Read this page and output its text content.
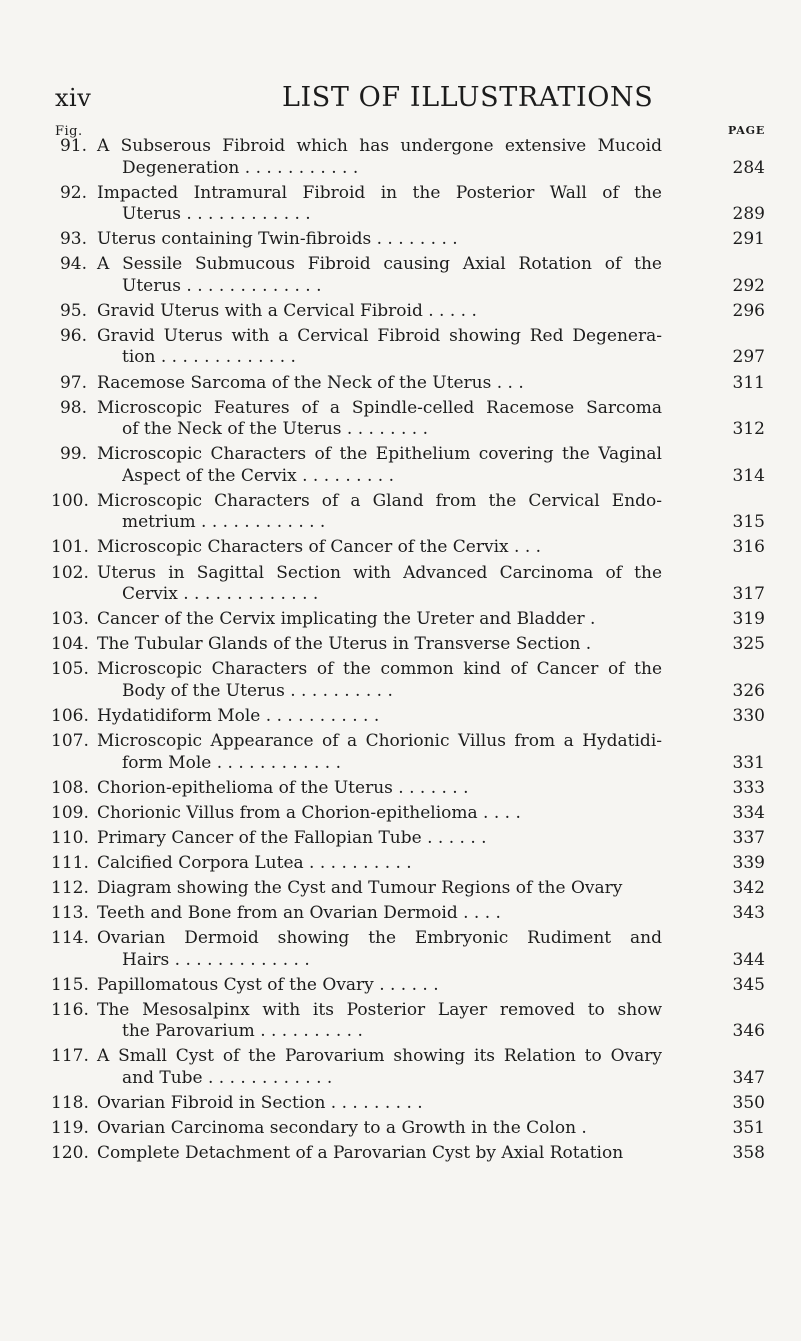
xiv	LIST OF ILLUSTRATIONS
Fig.	PAGE
91. A Subserous Fibroid which has undergone extensive Mucoid
Degeneration . . . . . . . . . . .	284
92. Impacted Intramural Fibroid in the Posterior Wall of the
Uterus . . . . . . . . . . . .	289
93. Uterus containing Twin-fibroids . . . . . . . .	291
94. A Sessile Submucous Fibroid causing Axial Rotation of the
Uterus . . . . . . . . . . . . .	292
95. Gravid Uterus with a Cervical Fibroid . . . . .	296
96. Gravid Uterus with a Cervical Fibroid showing Red Degenera-
tion . . . . . . . . . . . . .	297
97. Racemose Sarcoma of the Neck of the Uterus . . .	311
98. Microscopic Features of a Spindle-celled Racemose Sarcoma
of the Neck of the Uterus . . . . . . . .	312
99. Microscopic Characters of the Epithelium covering the Vaginal
Aspect of the Cervix . . . . . . . . .	314
100. Microscopic Characters of a Gland from the Cervical Endo-
metrium . . . . . . . . . . . .	315
101. Microscopic Characters of Cancer of the Cervix . . .	316
102. Uterus in Sagittal Section with Advanced Carcinoma of the
Cervix . . . . . . . . . . . . .	317
103. Cancer of the Cervix implicating the Ureter and Bladder .	319
104. The Tubular Glands of the Uterus in Transverse Section .	325
105. Microscopic Characters of the common kind of Cancer of the
Body of the Uterus . . . . . . . . . .	326
106. Hydatidiform Mole . . . . . . . . . . .	330
107. Microscopic Appearance of a Chorionic Villus from a Hydatidi-
form Mole . . . . . . . . . . . .	331
108. Chorion-epithelioma of the Uterus . . . . . . .	333
109. Chorionic Villus from a Chorion-epithelioma . . . .	334
110. Primary Cancer of the Fallopian Tube . . . . . .	337
111. Calcified Corpora Lutea . . . . . . . . . .	339
112. Diagram showing the Cyst and Tumour Regions of the Ovary	342
113. Teeth and Bone from an Ovarian Dermoid . . . .	343
114. Ovarian Dermoid showing the Embryonic Rudiment and
Hairs . . . . . . . . . . . . .	344
115. Papillomatous Cyst of the Ovary . . . . . .	345
116. The Mesosalpinx with its Posterior Layer removed to show
the Parovarium . . . . . . . . . .	346
117. A Small Cyst of the Parovarium showing its Relation to Ovary
and Tube . . . . . . . . . . . .	347
118. Ovarian Fibroid in Section . . . . . . . . .	350
119. Ovarian Carcinoma secondary to a Growth in the Colon .	351
120. Complete Detachment of a Parovarian Cyst by Axial Rotation	358
